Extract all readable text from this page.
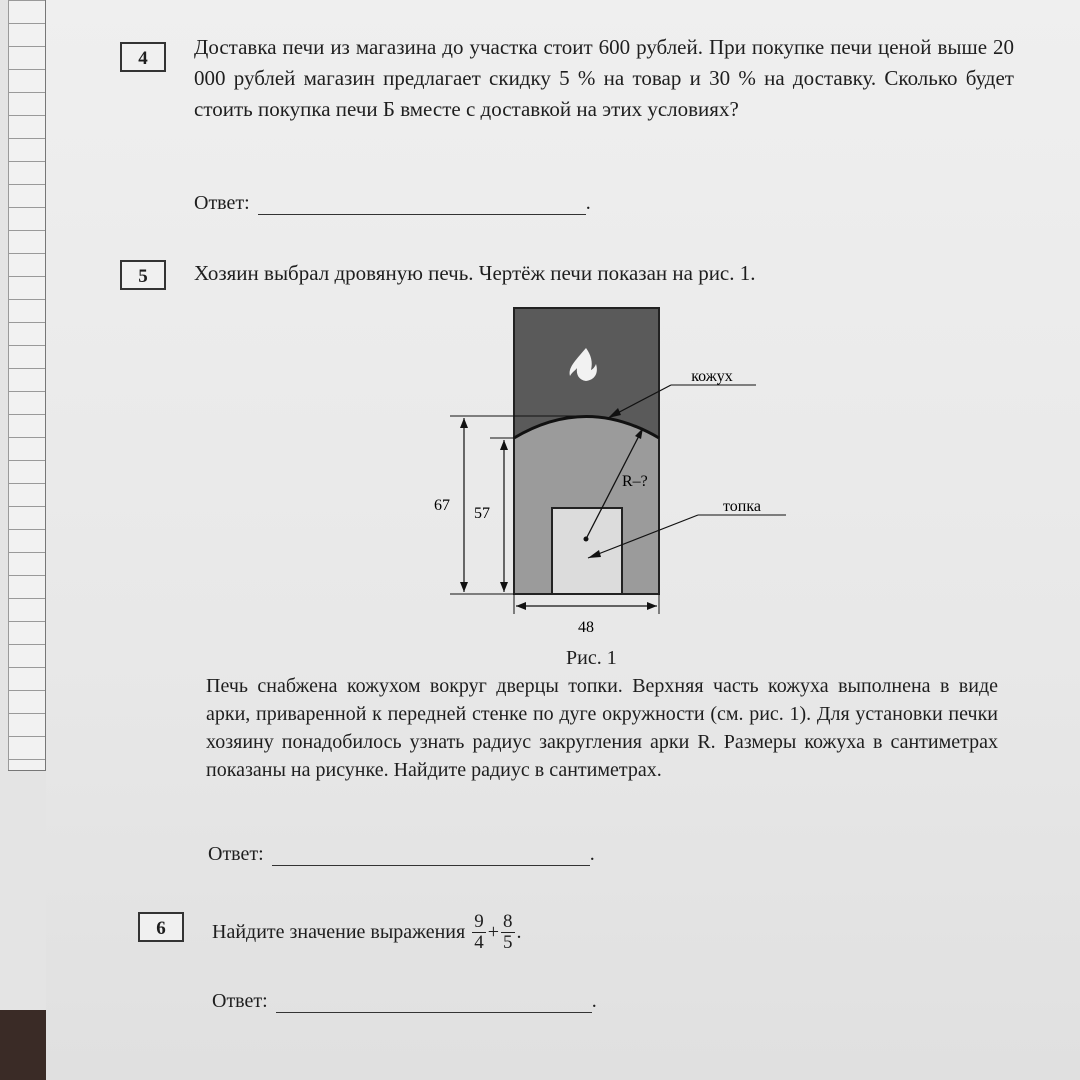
4	Доставка печи из магазина до участка стоит 600 рублей. При покупке печи ценой выше 20 000 рублей магазин предлагает скидку 5 % на товар и 30 % на доставку. Сколько будет стоить покупка печи Б вместе с доставкой на этих условиях?
Ответ:	.
5	Хозяин выбрал дровяную печь. Чертёж печи показан на рис. 1.
R–?
кожух
топка
67 57
48
Рис. 1
Печь снабжена кожухом вокруг дверцы топки. Верхняя часть кожуха выполнена в виде арки, приваренной к передней стенке по дуге окружности (см. рис. 1). Для установки печки хозяину понадобилось узнать радиус закругления арки R. Размеры кожуха в сантиметрах показаны на рисунке. Найдите радиус в сантиметрах.
Ответ:	.
6	Найдите значение выражения $\frac{9}{4} + \frac{8}{5}$ .
Ответ:	.
